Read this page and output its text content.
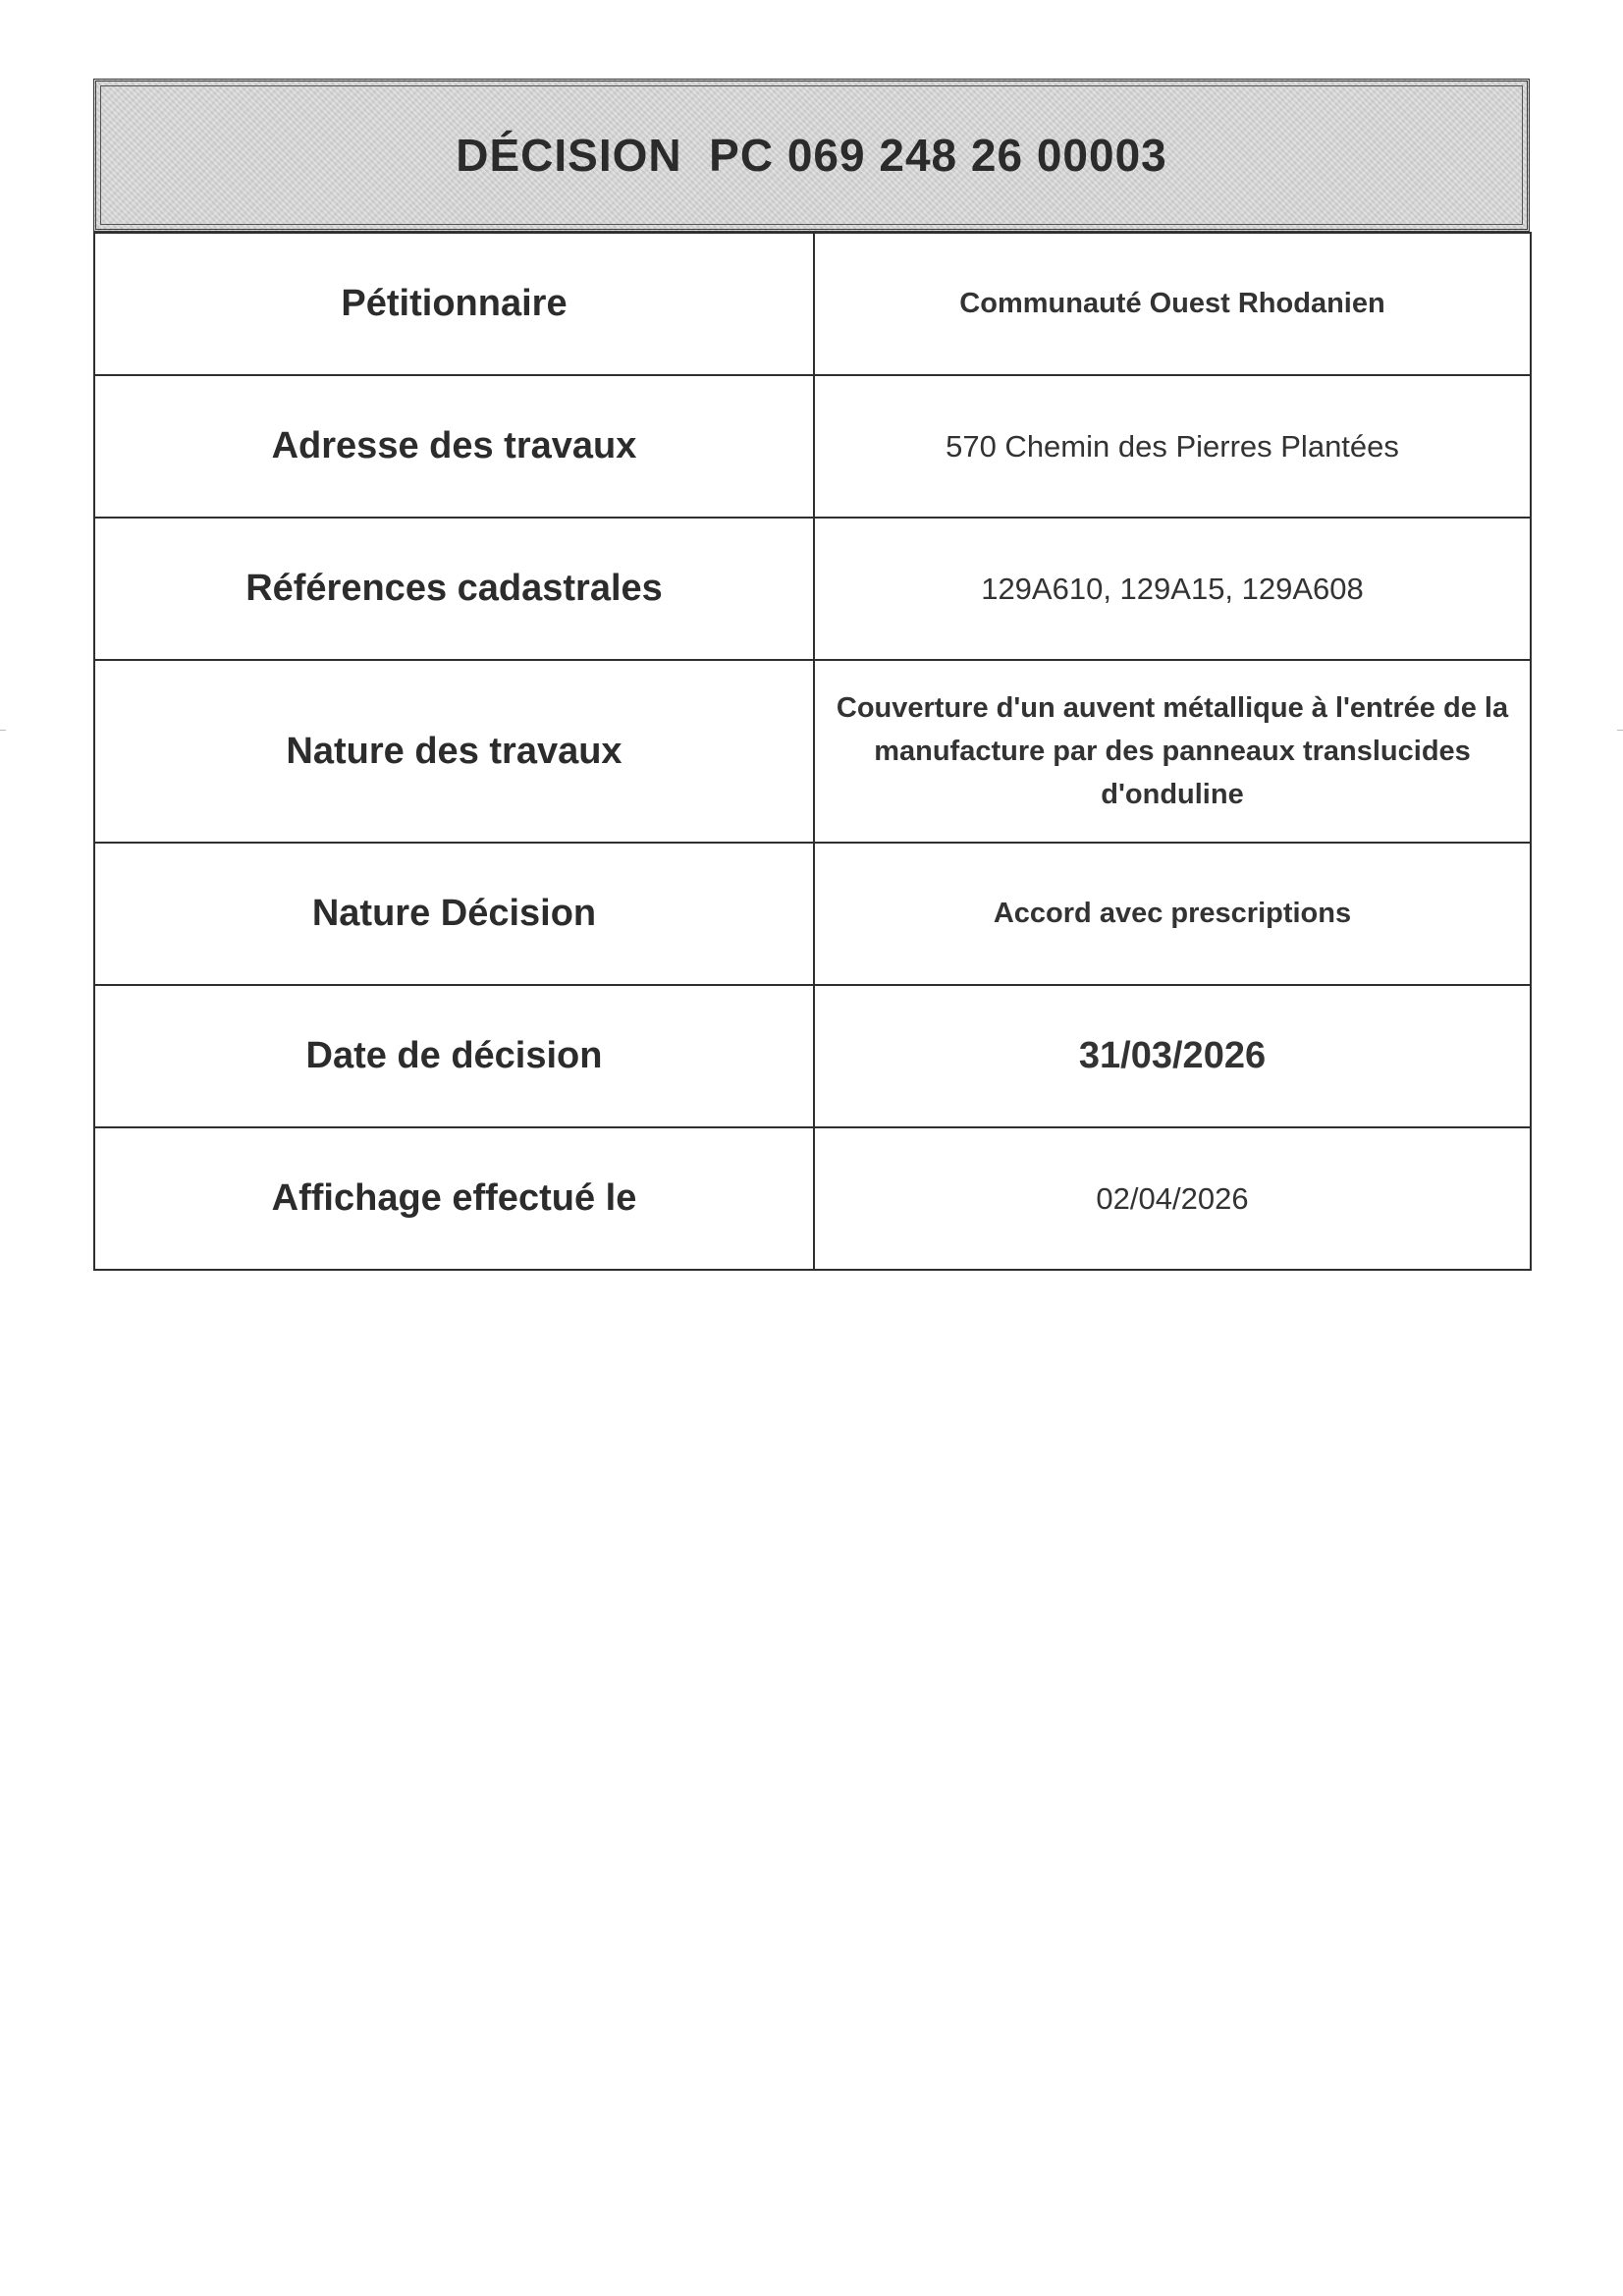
DÉCISION  PC 069 248 26 00003
Pétitionnaire	Communauté Ouest Rhodanien
Adresse des travaux	570 Chemin des Pierres Plantées
Références cadastrales	129A610, 129A15, 129A608
Nature des travaux	Couverture d'un auvent métallique à l'entrée de la
manufacture par des panneaux translucides
d'onduline

Nature Décision	Accord avec prescriptions
Date de décision	31/03/2026
Affichage effectué le	02/04/2026
